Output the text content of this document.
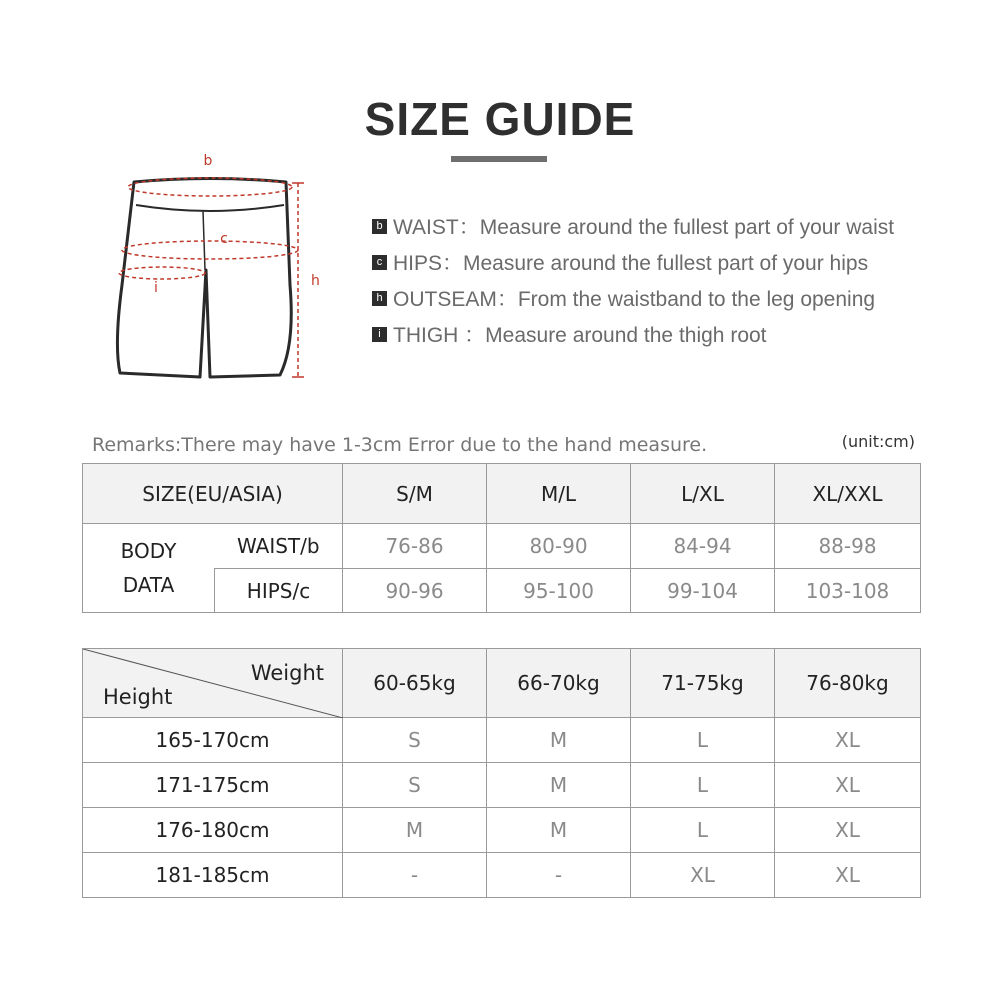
SIZE GUIDE
b
c
i	h
b WAIST：Measure around the fullest part of your waist
c HIPS：Measure around the fullest part of your hips
h OUTSEAM：From the waistband to the leg opening
i THIGH ：Measure around the thigh root
Remarks:There may have 1-3cm Error due to the hand measure.	(unit:cm)
SIZE(EU/ASIA)		S/M	M/L	L/XL	XL/XXL

BODY
DATA	WAIST/b	76-86	80-90	84-94	88-98
	HIPS/c	90-96	95-100	99-104	103-108
Weight
Height	60-65kg	66-70kg	71-75kg	76-80kg
165-170cm	S	M	L	XL
171-175cm	S	M	L	XL
176-180cm	M	M	L	XL
181-185cm	-	-	XL	XL
